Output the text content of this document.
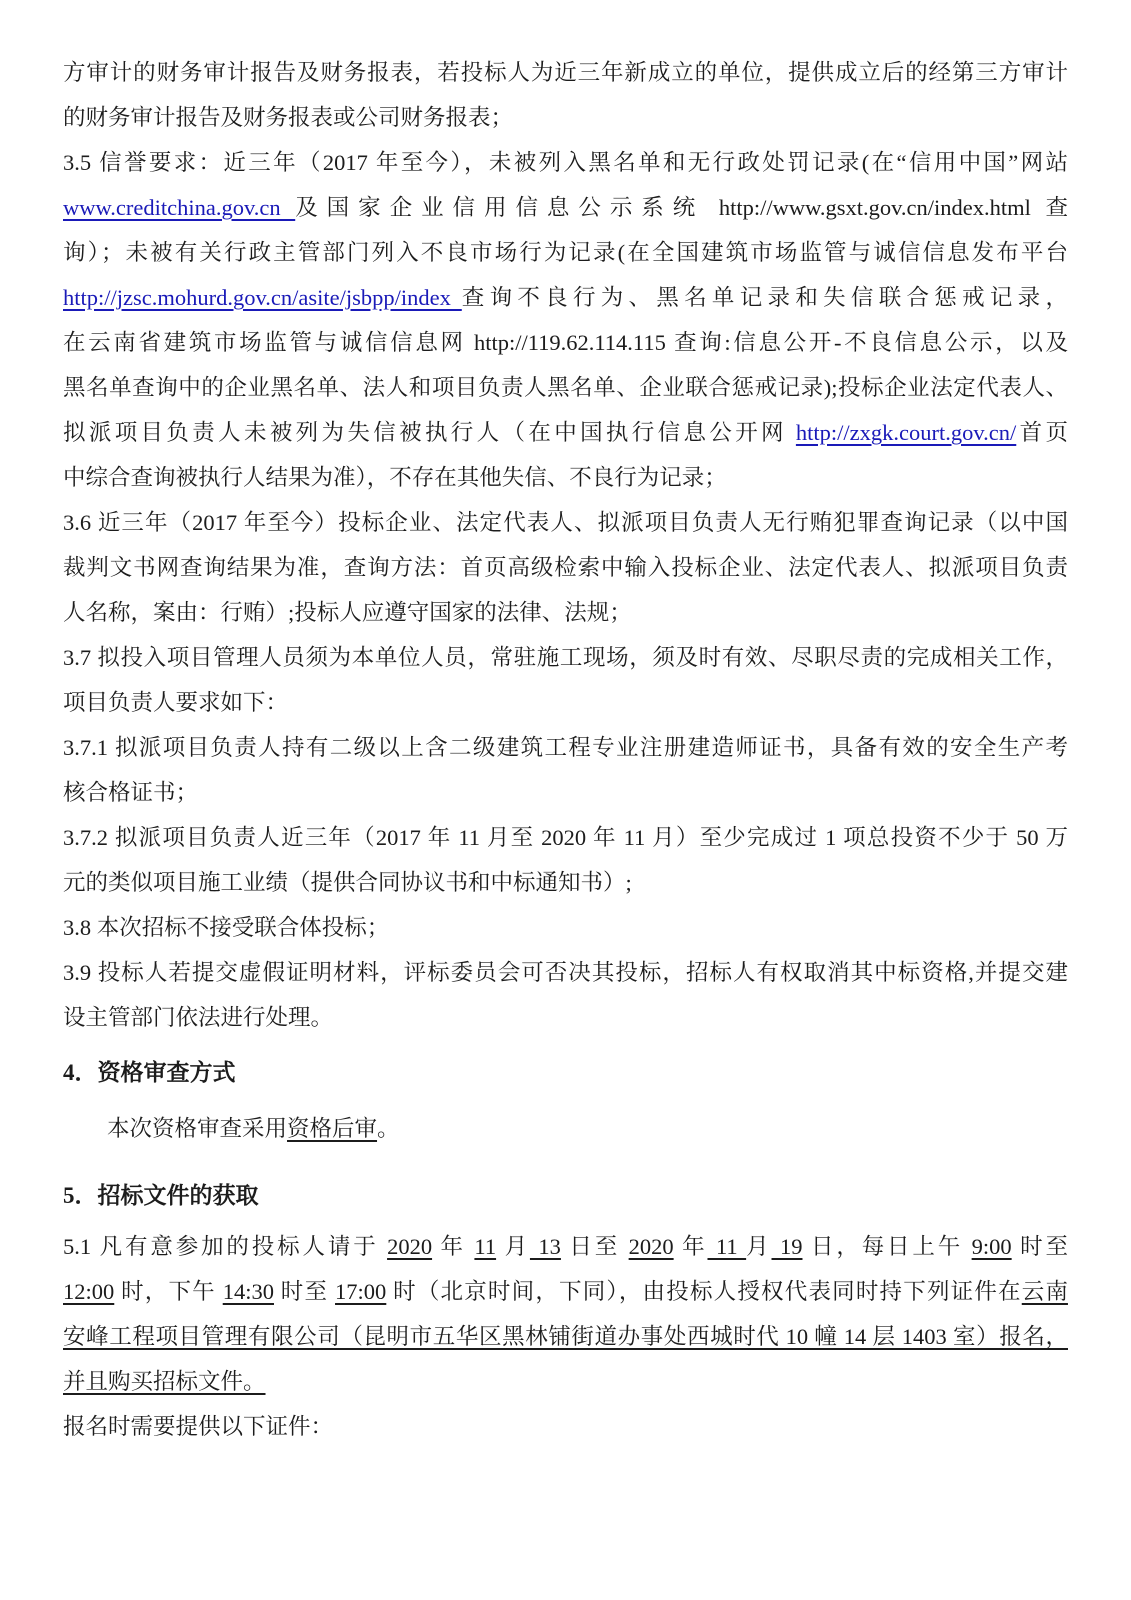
方审计的财务审计报告及财务报表，若投标人为近三年新成立的单位，提供成立后的经第三方审计
的财务审计报告及财务报表或公司财务报表；
3.5 信誉要求：近三年（2017 年至今），未被列入黑名单和无行政处罚记录(在“信用中国”网站
www.creditchina.gov.cn 及国家企业信用信息公示系统 http://www.gsxt.gov.cn/index.html 查
询）；未被有关行政主管部门列入不良市场行为记录(在全国建筑市场监管与诚信信息发布平台
http://jzsc.mohurd.gov.cn/asite/jsbpp/index 查询不良行为、黑名单记录和失信联合惩戒记录，
在云南省建筑市场监管与诚信信息网 http://119.62.114.115 查询:信息公开-不良信息公示，以及
黑名单查询中的企业黑名单、法人和项目负责人黑名单、企业联合惩戒记录);投标企业法定代表人、
拟派项目负责人未被列为失信被执行人（在中国执行信息公开网 http://zxgk.court.gov.cn/首页
中综合查询被执行人结果为准），不存在其他失信、不良行为记录；
3.6 近三年（2017 年至今）投标企业、法定代表人、拟派项目负责人无行贿犯罪查询记录（以中国
裁判文书网查询结果为准，查询方法：首页高级检索中输入投标企业、法定代表人、拟派项目负责
人名称，案由：行贿）;投标人应遵守国家的法律、法规；
3.7 拟投入项目管理人员须为本单位人员，常驻施工现场，须及时有效、尽职尽责的完成相关工作，
项目负责人要求如下：
3.7.1 拟派项目负责人持有二级以上含二级建筑工程专业注册建造师证书，具备有效的安全生产考
核合格证书；
3.7.2 拟派项目负责人近三年（2017 年 11 月至 2020 年 11 月）至少完成过 1 项总投资不少于 50 万
元的类似项目施工业绩（提供合同协议书和中标通知书）;
3.8 本次招标不接受联合体投标；
3.9 投标人若提交虚假证明材料，评标委员会可否决其投标，招标人有权取消其中标资格,并提交建
设主管部门依法进行处理。
4．资格审查方式
本次资格审查采用资格后审。
5．招标文件的获取
5.1 凡有意参加的投标人请于 2020 年 11 月 13 日至 2020 年 11 月 19 日，每日上午 9:00 时至
12:00 时，下午 14:30 时至 17:00 时（北京时间，下同），由投标人授权代表同时持下列证件在云南
安峰工程项目管理有限公司（昆明市五华区黑林铺街道办事处西城时代 10 幢 14 层 1403 室）报名，
并且购买招标文件。
报名时需要提供以下证件：
